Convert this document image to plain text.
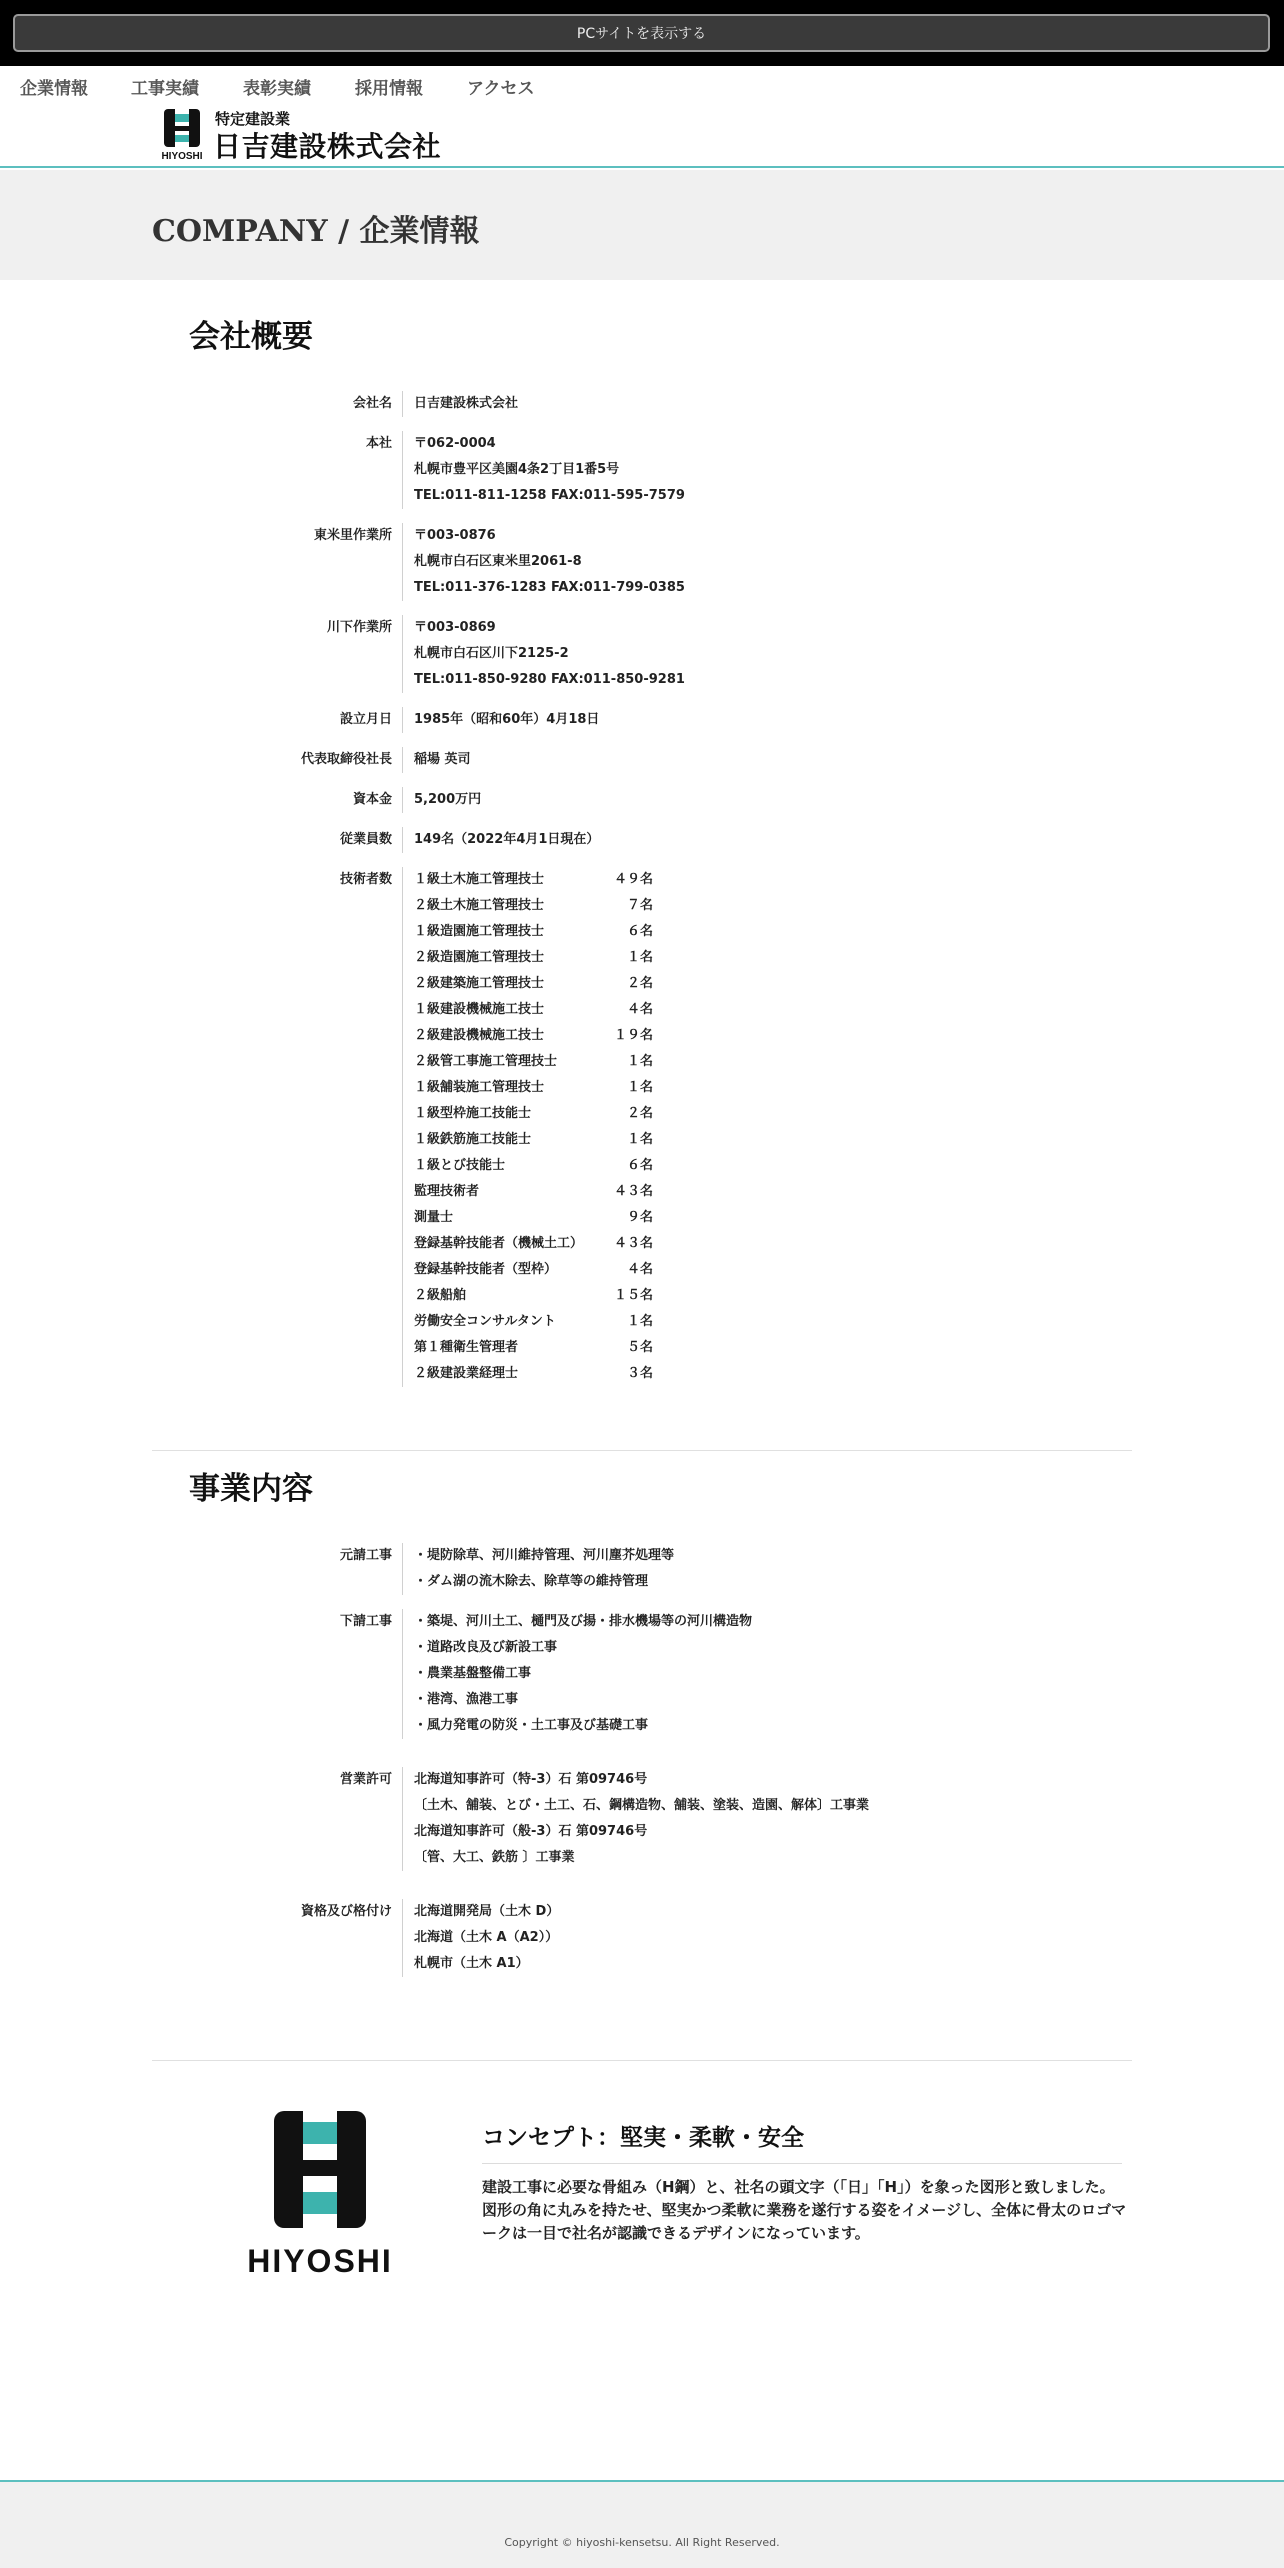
PCサイトを表示する
企業情報	工事実績	表彰実績	採用情報	アクセス
HIYOSHI
特定建設業
日吉建設株式会社
COMPANY / 企業情報
会社概要
会社名	日吉建設株式会社
本社	〒062-0004
札幌市豊平区美園4条2丁目1番5号
TEL:011-811-1258 FAX:011-595-7579
東米里作業所	〒003-0876
札幌市白石区東米里2061-8
TEL:011-376-1283 FAX:011-799-0385
川下作業所	〒003-0869
札幌市白石区川下2125-2
TEL:011-850-9280 FAX:011-850-9281
設立月日	1985年（昭和60年）4月18日
代表取締役社長	稲場 英司
資本金	5,200万円
従業員数	149名（2022年4月1日現在）
技術者数	１級土木施工管理技士	４９名
２級土木施工管理技士	　７名
１級造園施工管理技士	　６名
２級造園施工管理技士	　１名
２級建築施工管理技士	　２名
１級建設機械施工技士	　４名
２級建設機械施工技士	１９名
２級管工事施工管理技士	　１名
１級舗装施工管理技士	　１名
１級型枠施工技能士	　２名
１級鉄筋施工技能士	　１名
１級とび技能士	　６名
監理技術者	４３名
測量士	　９名
登録基幹技能者（機械土工）	４３名
登録基幹技能者（型枠）	　４名
２級船舶	１５名
労働安全コンサルタント	　１名
第１種衛生管理者	　５名
２級建設業経理士	　３名
事業内容
元請工事	・堤防除草、河川維持管理、河川塵芥処理等
・ダム湖の流木除去、除草等の維持管理
下請工事	・築堤、河川土工、樋門及び揚・排水機場等の河川構造物
・道路改良及び新設工事
・農業基盤整備工事
・港湾、漁港工事
・風力発電の防災・土工事及び基礎工事
営業許可	北海道知事許可（特-3）石 第09746号
〔土木、舗装、とび・土工、石、鋼構造物、舗装、塗装、造園、解体〕工事業
北海道知事許可（般-3）石 第09746号
〔管、大工、鉄筋 〕工事業
資格及び格付け	北海道開発局（土木 D）
北海道（土木 A（A2））
札幌市（土木 A1）
HIYOSHI
コンセプト：堅実・柔軟・安全
建設工事に必要な骨組み（H鋼）と、社名の頭文字（「日」「H」）を象った図形と致しました。図形の角に丸みを持たせ、堅実かつ柔軟に業務を遂行する姿をイメージし、全体に骨太のロゴマークは一目で社名が認識できるデザインになっています。
Copyright © hiyoshi-kensetsu. All Right Reserved.
